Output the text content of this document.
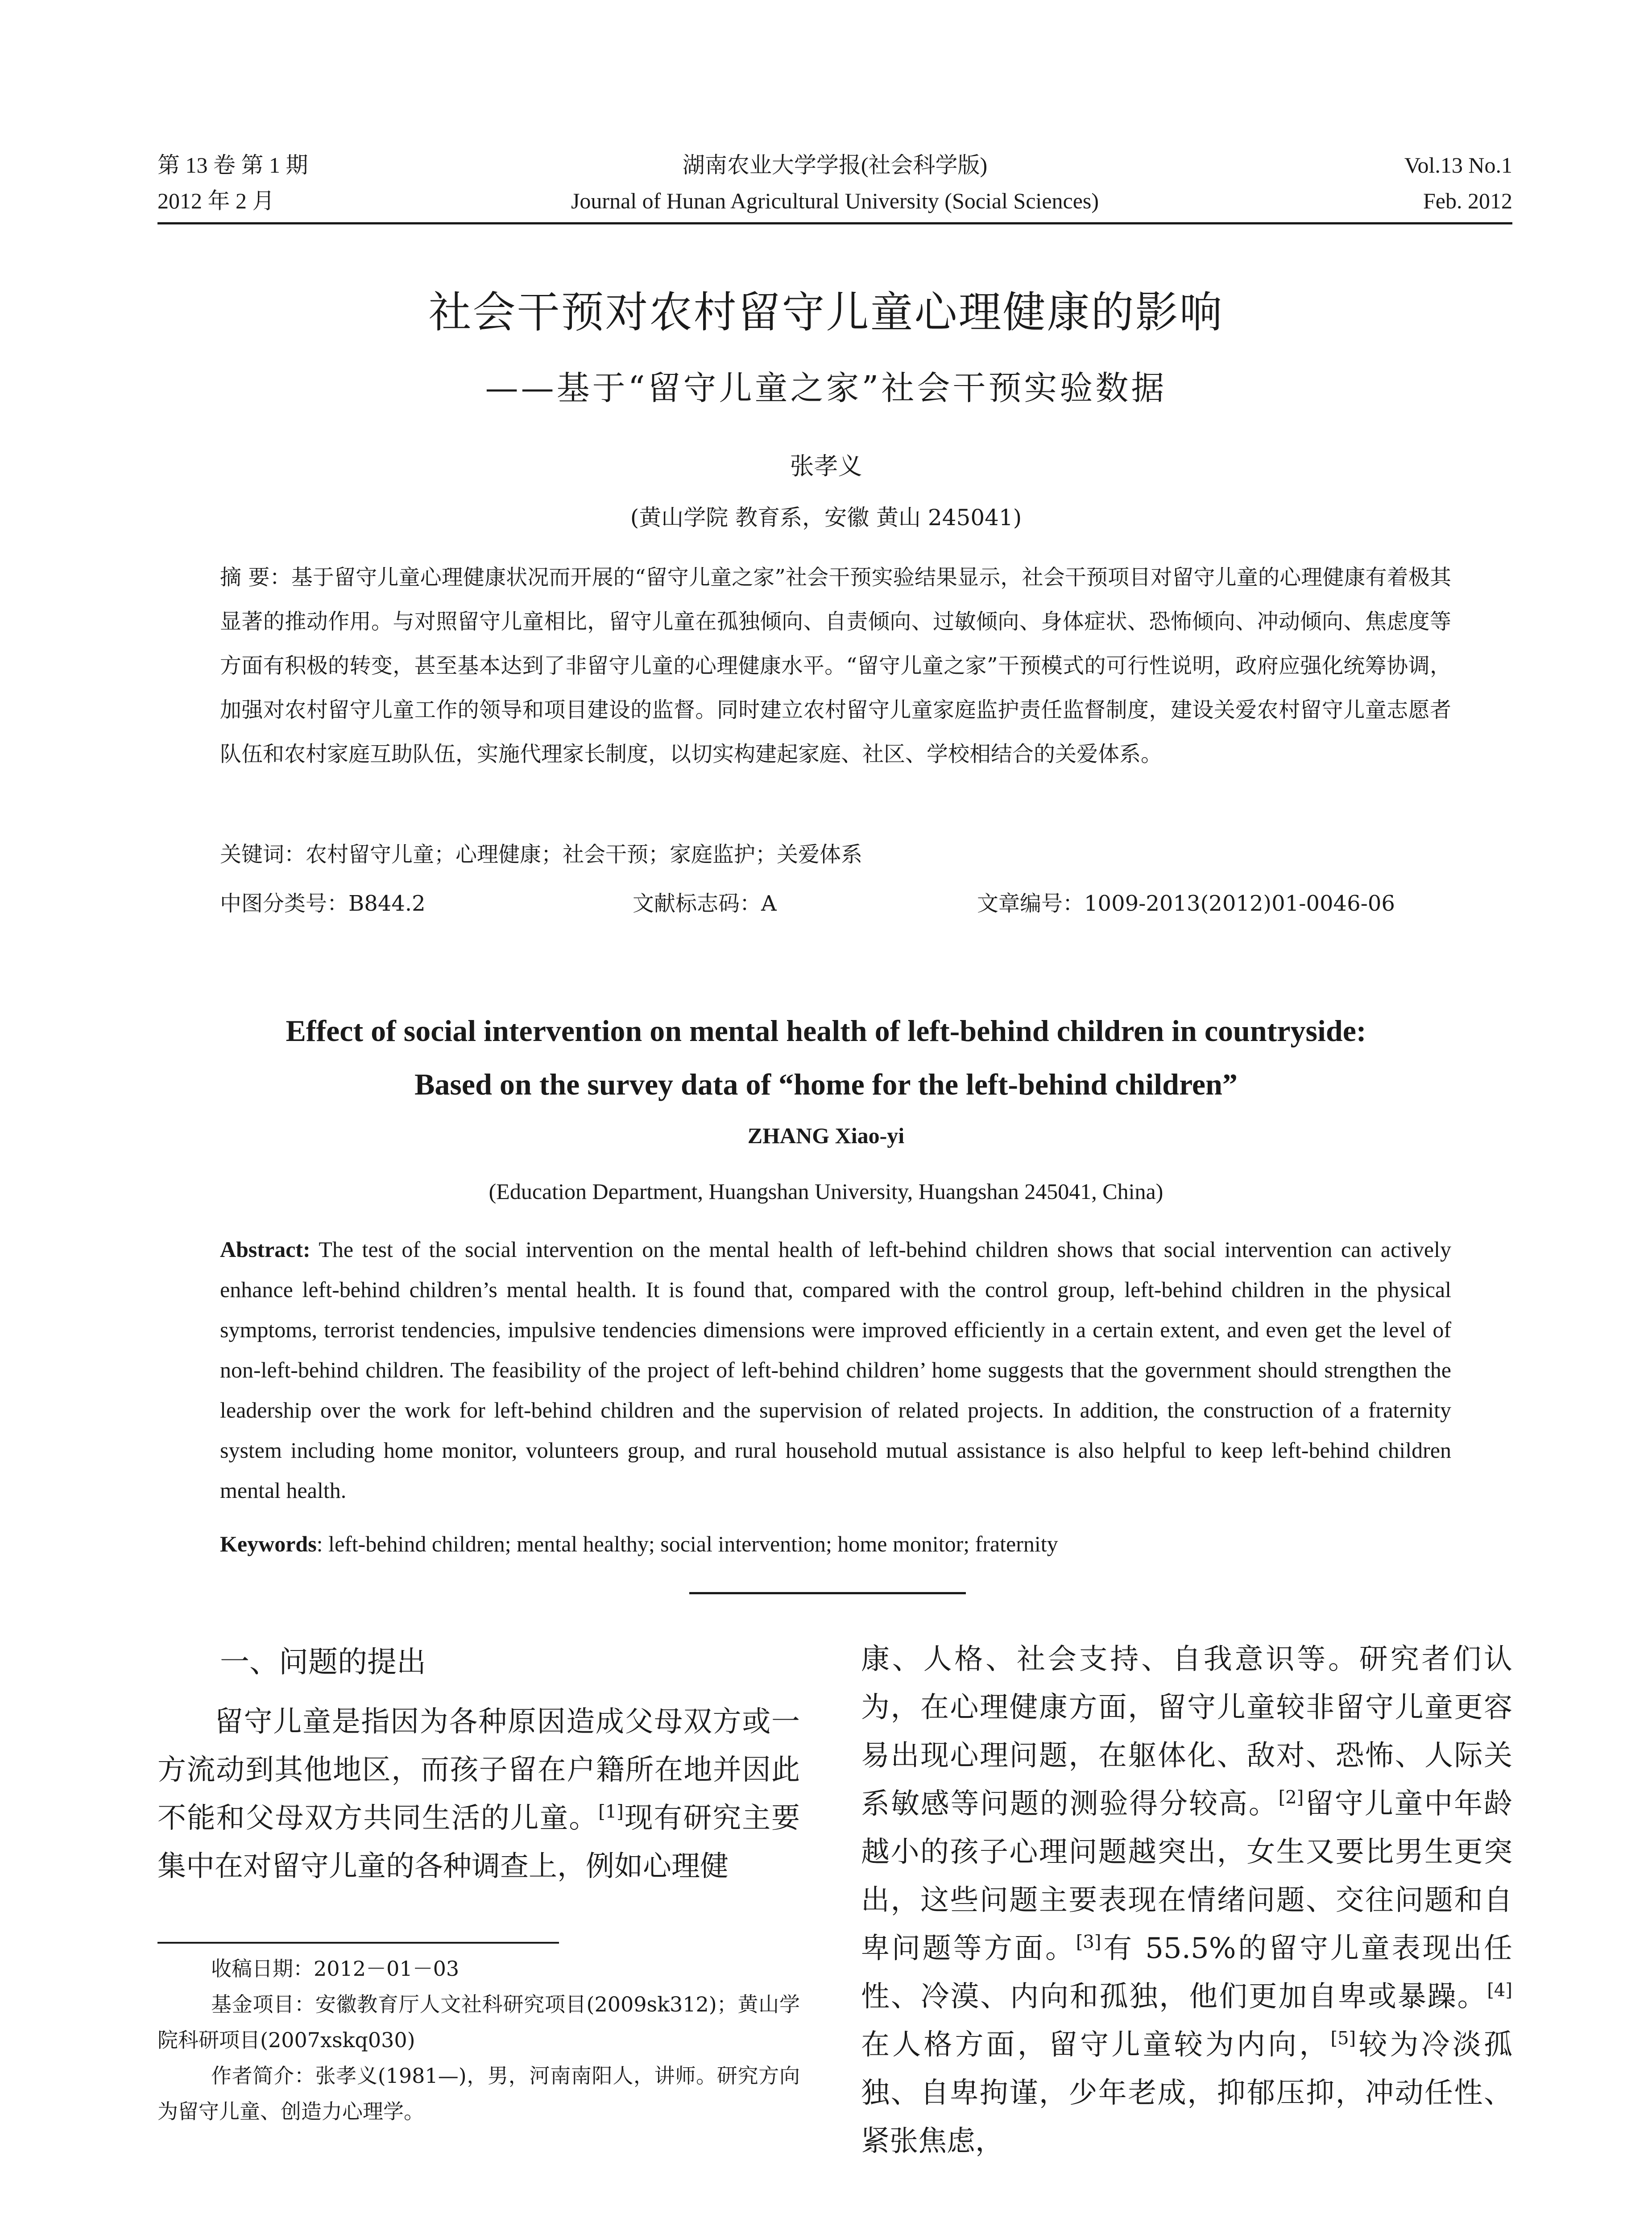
第 13 卷 第 1 期	湖南农业大学学报(社会科学版)	Vol.13 No.1
2012 年 2 月	Journal of Hunan Agricultural University (Social Sciences)	Feb. 2012
社会干预对农村留守儿童心理健康的影响
——基于“留守儿童之家”社会干预实验数据
张孝义
(黄山学院 教育系，安徽 黄山 245041)

摘 要：基于留守儿童心理健康状况而开展的“留守儿童之家”社会干预实验结果显示，社会干预项目对留守儿童的心理健康有着极其显著的推动作用。与对照留守儿童相比，留守儿童在孤独倾向、自责倾向、过敏倾向、身体症状、恐怖倾向、冲动倾向、焦虑度等方面有积极的转变，甚至基本达到了非留守儿童的心理健康水平。“留守儿童之家”干预模式的可行性说明，政府应强化统筹协调，加强对农村留守儿童工作的领导和项目建设的监督。同时建立农村留守儿童家庭监护责任监督制度，建设关爱农村留守儿童志愿者队伍和农村家庭互助队伍，实施代理家长制度，以切实构建起家庭、社区、学校相结合的关爱体系。

关键词：农村留守儿童；心理健康；社会干预；家庭监护；关爱体系
中图分类号：B844.2	文献标志码：A	文章编号：1009-2013(2012)01-0046-06
Effect of social intervention on mental health of left-behind children in countryside:
Based on the survey data of “home for the left-behind children”
ZHANG Xiao-yi
(Education Department, Huangshan University, Huangshan 245041, China)

Abstract: The test of the social intervention on the mental health of left-behind children shows that social intervention can actively enhance left-behind children’s mental health. It is found that, compared with the control group, left-behind children in the physical symptoms, terrorist tendencies, impulsive tendencies dimensions were improved efficiently in a certain extent, and even get the level of non-left-behind children. The feasibility of the project of left-behind children’ home suggests that the government should strengthen the leadership over the work for left-behind children and the supervision of related projects. In addition, the construction of a fraternity system including home monitor, volunteers group, and rural household mutual assistance is also helpful to keep left-behind children mental health.

Keywords: left-behind children; mental healthy; social intervention; home monitor; fraternity

一、问题的提出

留守儿童是指因为各种原因造成父母双方或一方流动到其他地区，而孩子留在户籍所在地并因此不能和父母双方共同生活的儿童。[1]现有研究主要集中在对留守儿童的各种调查上，例如心理健

康、人格、社会支持、自我意识等。研究者们认为，在心理健康方面，留守儿童较非留守儿童更容易出现心理问题，在躯体化、敌对、恐怖、人际关系敏感等问题的测验得分较高。[2]留守儿童中年龄越小的孩子心理问题越突出，女生又要比男生更突出，这些问题主要表现在情绪问题、交往问题和自卑问题等方面。[3]有 55.5%的留守儿童表现出任性、冷漠、内向和孤独，他们更加自卑或暴躁。[4]在人格方面，留守儿童较为内向，[5]较为冷淡孤独、自卑拘谨，少年老成，抑郁压抑，冲动任性、紧张焦虑，

收稿日期：2012－01－03

基金项目：安徽教育厅人文社科研究项目(2009sk312)；黄山学院科研项目(2007xskq030)

作者简介：张孝义(1981—)，男，河南南阳人，讲师。研究方向为留守儿童、创造力心理学。
